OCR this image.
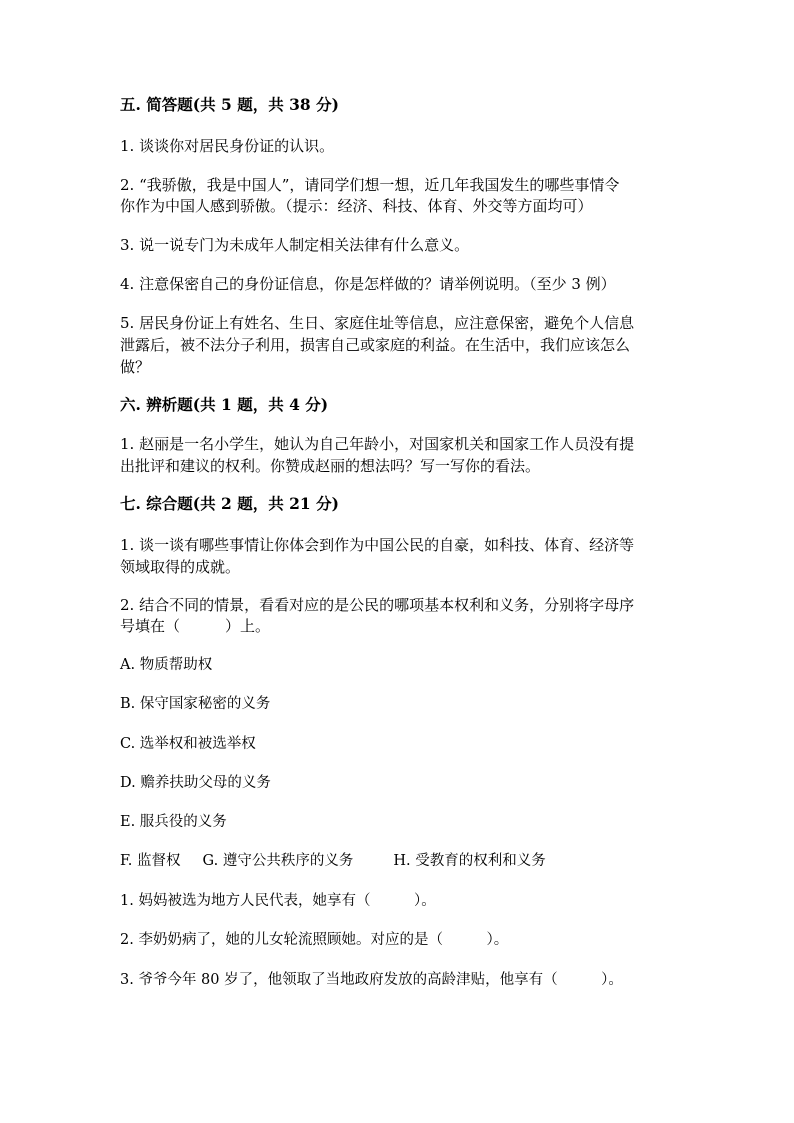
五. 简答题(共 5 题，共 38 分)
1. 谈谈你对居民身份证的认识。
2. “我骄傲，我是中国人”，请同学们想一想，近几年我国发生的哪些事情令
你作为中国人感到骄傲。（提示：经济、科技、体育、外交等方面均可）
3. 说一说专门为未成年人制定相关法律有什么意义。
4. 注意保密自己的身份证信息，你是怎样做的？请举例说明。（至少 3 例）
5. 居民身份证上有姓名、生日、家庭住址等信息，应注意保密，避免个人信息
泄露后，被不法分子利用，损害自己或家庭的利益。在生活中，我们应该怎么
做？
六. 辨析题(共 1 题，共 4 分)
1. 赵丽是一名小学生，她认为自己年龄小，对国家机关和国家工作人员没有提
出批评和建议的权利。你赞成赵丽的想法吗？写一写你的看法。
七. 综合题(共 2 题，共 21 分)
1. 谈一谈有哪些事情让你体会到作为中国公民的自豪，如科技、体育、经济等
领域取得的成就。
2. 结合不同的情景，看看对应的是公民的哪项基本权利和义务，分别将字母序
号填在（　　　）上。
A. 物质帮助权
B. 保守国家秘密的义务
C. 选举权和被选举权
D. 赡养扶助父母的义务
E. 服兵役的义务
F. 监督权 G. 遵守公共秩序的义务	H. 受教育的权利和义务
1. 妈妈被选为地方人民代表，她享有（　　　）。
2. 李奶奶病了，她的儿女轮流照顾她。对应的是（　　　）。
3. 爷爷今年 80 岁了，他领取了当地政府发放的高龄津贴，他享有（　　　）。
